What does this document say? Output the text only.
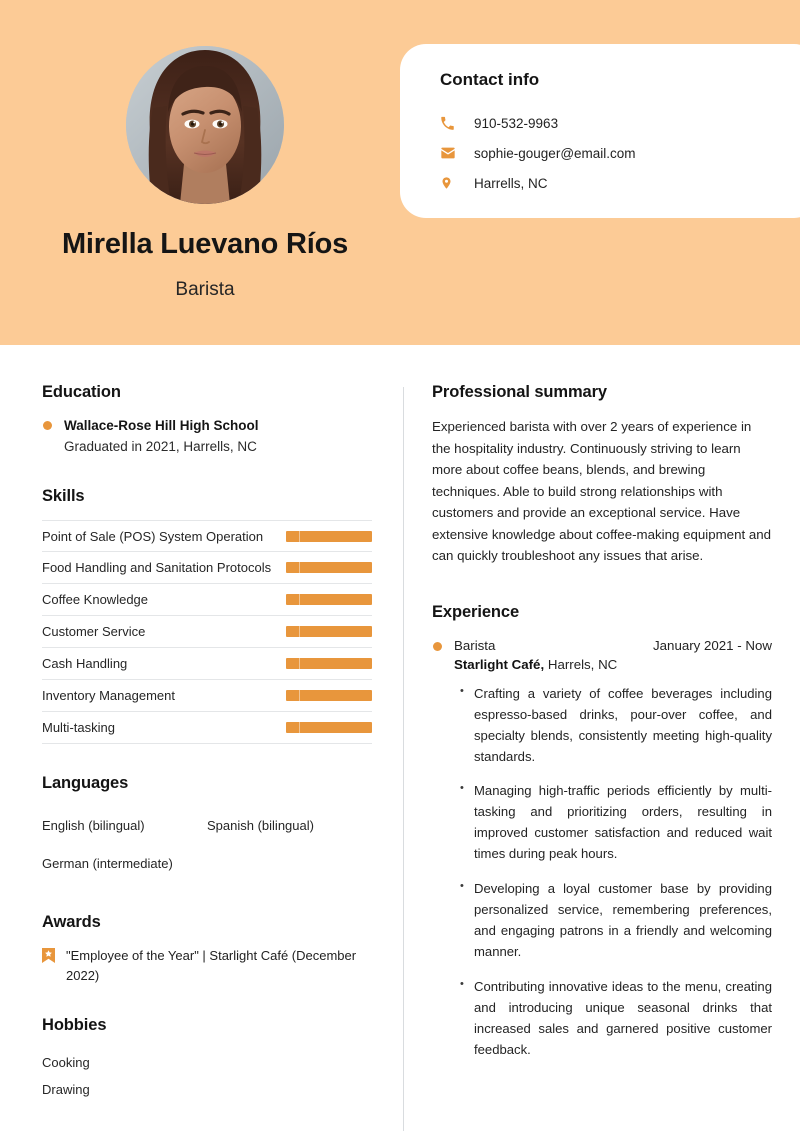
Mirella Luevano Ríos
Barista
Contact info
910-532-9963
sophie-gouger@email.com
Harrells, NC
Education
Wallace-Rose Hill High School
Graduated in 2021, Harrells, NC
Skills
Point of Sale (POS) System Operation
Food Handling and Sanitation Protocols
Coffee Knowledge
Customer Service
Cash Handling
Inventory Management
Multi-tasking
Languages
English (bilingual)	Spanish (bilingual)
German (intermediate)
Awards
"Employee of the Year" | Starlight Café (December 2022)
Hobbies
Cooking
Drawing
Professional summary

Experienced barista with over 2 years of experience in the hospitality industry. Continuously striving to learn more about coffee beans, blends, and brewing techniques. Able to build strong relationships with customers and provide an exceptional service. Have extensive knowledge about coffee-making equipment and can quickly troubleshoot any issues that arise.

Experience
Barista	January 2021 - Now
Starlight Café, Harrels, NC
• Crafting a variety of coffee beverages including espresso-based drinks, pour-over coffee, and specialty blends, consistently meeting high-quality standards.
• Managing high-traffic periods efficiently by multi-tasking and prioritizing orders, resulting in improved customer satisfaction and reduced wait times during peak hours.
• Developing a loyal customer base by providing personalized service, remembering preferences, and engaging patrons in a friendly and welcoming manner.
• Contributing innovative ideas to the menu, creating and introducing unique seasonal drinks that increased sales and garnered positive customer feedback.
